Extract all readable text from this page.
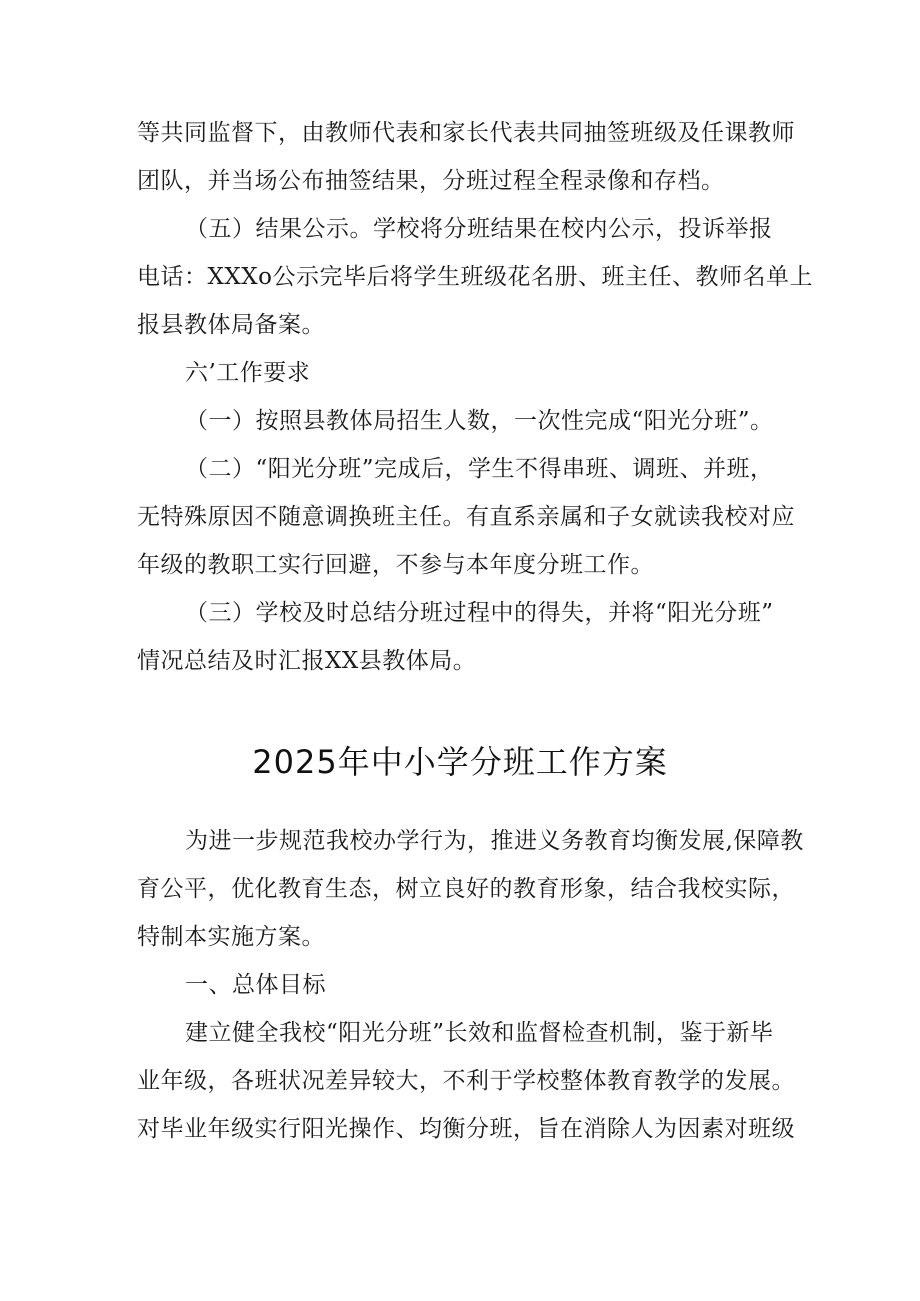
等共同监督下，由教师代表和家长代表共同抽签班级及任课教师
团队，并当场公布抽签结果，分班过程全程录像和存档。
（五）结果公示。学校将分班结果在校内公示，投诉举报
电话：XXXo公示完毕后将学生班级花名册、班主任、教师名单上
报县教体局备案。
六’工作要求
（一）按照县教体局招生人数，一次性完成“阳光分班”。
（二）“阳光分班”完成后，学生不得串班、调班、并班，
无特殊原因不随意调换班主任。有直系亲属和子女就读我校对应
年级的教职工实行回避，不参与本年度分班工作。
（三）学校及时总结分班过程中的得失，并将“阳光分班”
情况总结及时汇报XX县教体局。
2025年中小学分班工作方案
为进一步规范我校办学行为，推进义务教育均衡发展,保障教
育公平，优化教育生态，树立良好的教育形象，结合我校实际，
特制本实施方案。
一、总体目标
建立健全我校“阳光分班”长效和监督检查机制，鉴于新毕
业年级，各班状况差异较大，不利于学校整体教育教学的发展。
对毕业年级实行阳光操作、均衡分班，旨在消除人为因素对班级
